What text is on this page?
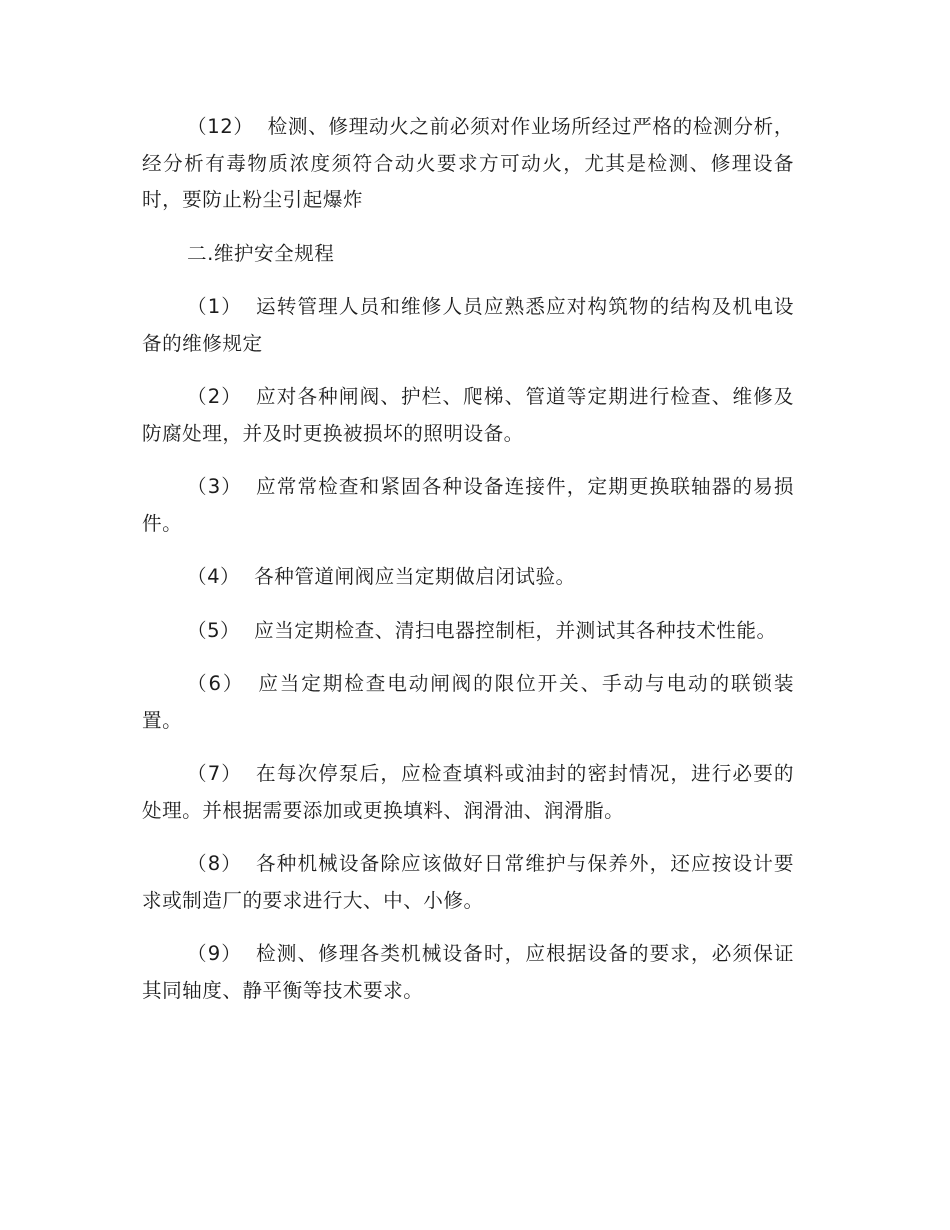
（12） 检测、修理动火之前必须对作业场所经过严格的检测分析，经分析有毒物质浓度须符合动火要求方可动火，尤其是检测、修理设备时，要防止粉尘引起爆炸

二.维护安全规程

（1） 运转管理人员和维修人员应熟悉应对构筑物的结构及机电设备的维修规定

（2） 应对各种闸阀、护栏、爬梯、管道等定期进行检查、维修及防腐处理，并及时更换被损坏的照明设备。

（3） 应常常检查和紧固各种设备连接件，定期更换联轴器的易损件。

（4） 各种管道闸阀应当定期做启闭试验。

（5） 应当定期检查、清扫电器控制柜，并测试其各种技术性能。

（6） 应当定期检查电动闸阀的限位开关、手动与电动的联锁装置。

（7） 在每次停泵后，应检查填料或油封的密封情况，进行必要的处理。并根据需要添加或更换填料、润滑油、润滑脂。

（8） 各种机械设备除应该做好日常维护与保养外，还应按设计要求或制造厂的要求进行大、中、小修。

（9） 检测、修理各类机械设备时，应根据设备的要求，必须保证其同轴度、静平衡等技术要求。
